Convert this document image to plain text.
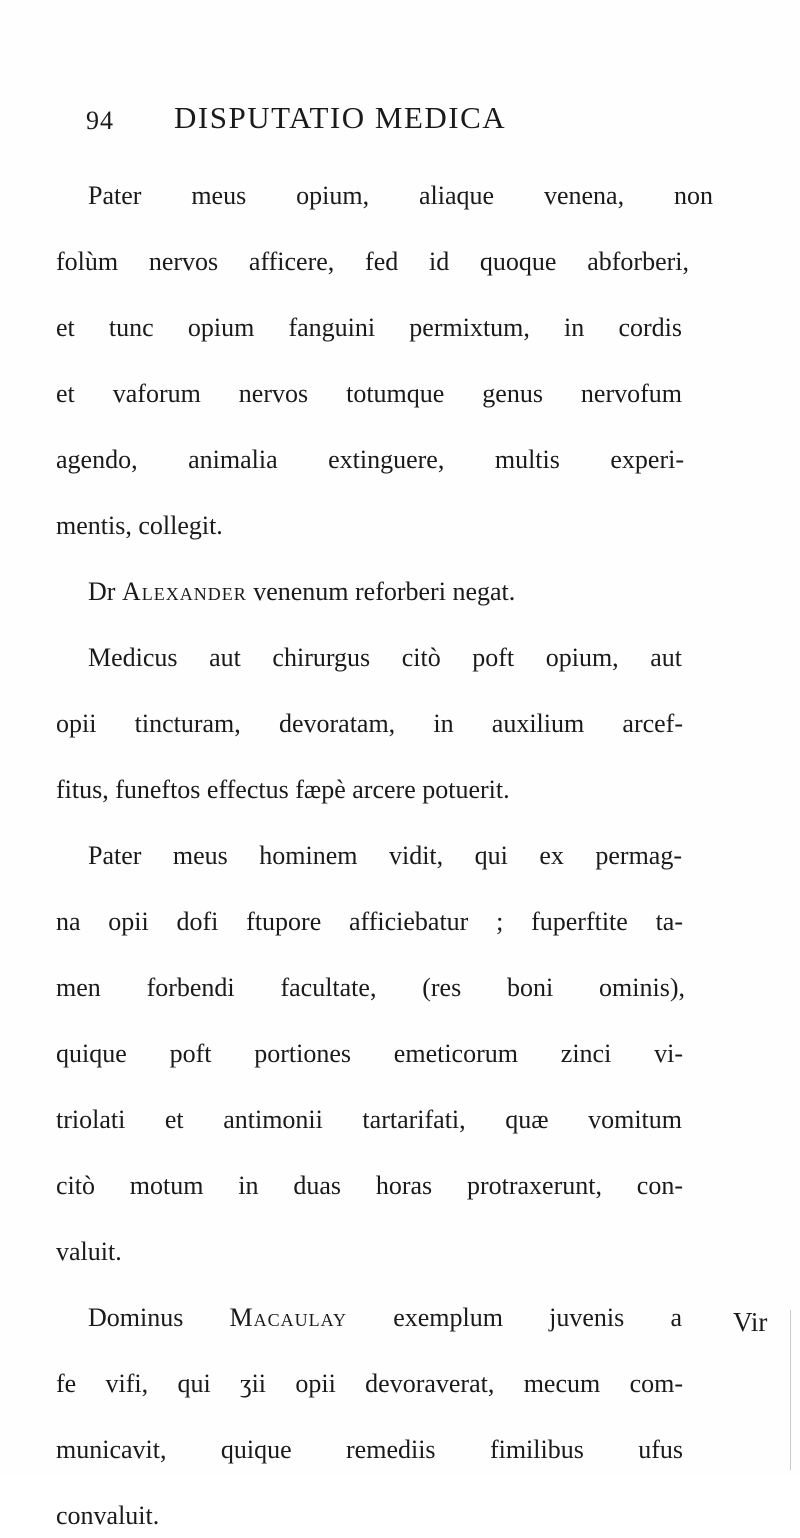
94 DISPUTATIO MEDICA
Pater meus opium, aliaque venena, non
folùm nervos afficere, fed id quoque abforberi,
et tunc opium fanguini permixtum, in cordis
et vaforum nervos totumque genus nervofum
agendo, animalia extinguere, multis experi-
mentis, collegit.
Dr Alexander venenum reforberi negat.
Medicus aut chirurgus citò poft opium, aut
opii tincturam, devoratam, in auxilium arcef-
fitus, funeftos effectus fæpè arcere potuerit.
Pater meus hominem vidit, qui ex permag-
na opii dofi ftupore afficiebatur ; fuperftite ta-
men forbendi facultate, (res boni ominis),
quique poft portiones emeticorum zinci vi-
triolati et antimonii tartarifati, quæ vomitum
citò motum in duas horas protraxerunt, con-
valuit.
Dominus Macaulay exemplum juvenis a
fe vifi, qui ʒii opii devoraverat, mecum com-
municavit, quique remediis fimilibus ufus
convaluit.
Vir
